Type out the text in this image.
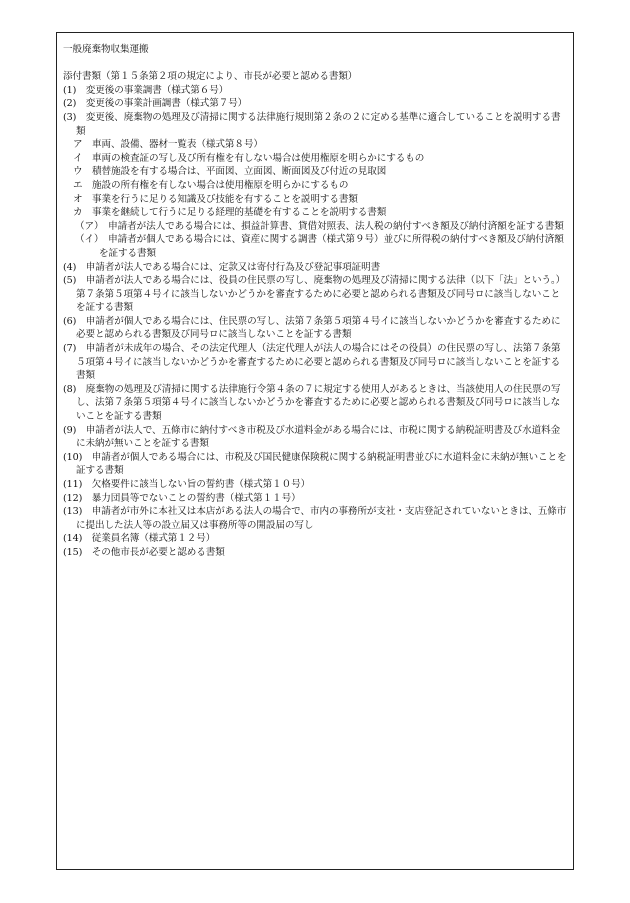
一般廃棄物収集運搬

添付書類（第１５条第２項の規定により、市長が必要と認める書類）

(1)　変更後の事業調書（様式第６号）

(2)　変更後の事業計画調書（様式第７号）

(3)　変更後、廃棄物の処理及び清掃に関する法律施行規則第２条の２に定める基準に適合していることを説明する書類

ア　車両、設備、器材一覧表（様式第８号）

イ　車両の検査証の写し及び所有権を有しない場合は使用権原を明らかにするもの

ウ　積替施設を有する場合は、平面図、立面図、断面図及び付近の見取図

エ　施設の所有権を有しない場合は使用権原を明らかにするもの

オ　事業を行うに足りる知識及び技能を有することを説明する書類

カ　事業を継続して行うに足りる経理的基礎を有することを説明する書類

（ア）　申請者が法人である場合には、損益計算書、貸借対照表、法人税の納付すべき額及び納付済額を証する書類

（イ）　申請者が個人である場合には、資産に関する調書（様式第９号）並びに所得税の納付すべき額及び納付済額を証する書類

(4)　申請者が法人である場合には、定款又は寄付行為及び登記事項証明書

(5)　申請者が法人である場合には、役員の住民票の写し、廃棄物の処理及び清掃に関する法律（以下「法」という。）第７条第５項第４号イに該当しないかどうかを審査するために必要と認められる書類及び同号ロに該当しないことを証する書類

(6)　申請者が個人である場合には、住民票の写し、法第７条第５項第４号イに該当しないかどうかを審査するために必要と認められる書類及び同号ロに該当しないことを証する書類

(7)　申請者が未成年の場合、その法定代理人（法定代理人が法人の場合にはその役員）の住民票の写し、法第７条第５項第４号イに該当しないかどうかを審査するために必要と認められる書類及び同号ロに該当しないことを証する書類

(8)　廃棄物の処理及び清掃に関する法律施行令第４条の７に規定する使用人があるときは、当該使用人の住民票の写し、法第７条第５項第４号イに該当しないかどうかを審査するために必要と認められる書類及び同号ロに該当しないことを証する書類

(9)　申請者が法人で、五條市に納付すべき市税及び水道料金がある場合には、市税に関する納税証明書及び水道料金に未納が無いことを証する書類

(10)　申請者が個人である場合には、市税及び国民健康保険税に関する納税証明書並びに水道料金に未納が無いことを証する書類

(11)　欠格要件に該当しない旨の誓約書（様式第１０号）

(12)　暴力団員等でないことの誓約書（様式第１１号）

(13)　申請者が市外に本社又は本店がある法人の場合で、市内の事務所が支社・支店登記されていないときは、五條市に提出した法人等の設立届又は事務所等の開設届の写し

(14)　従業員名簿（様式第１２号）

(15)　その他市長が必要と認める書類
